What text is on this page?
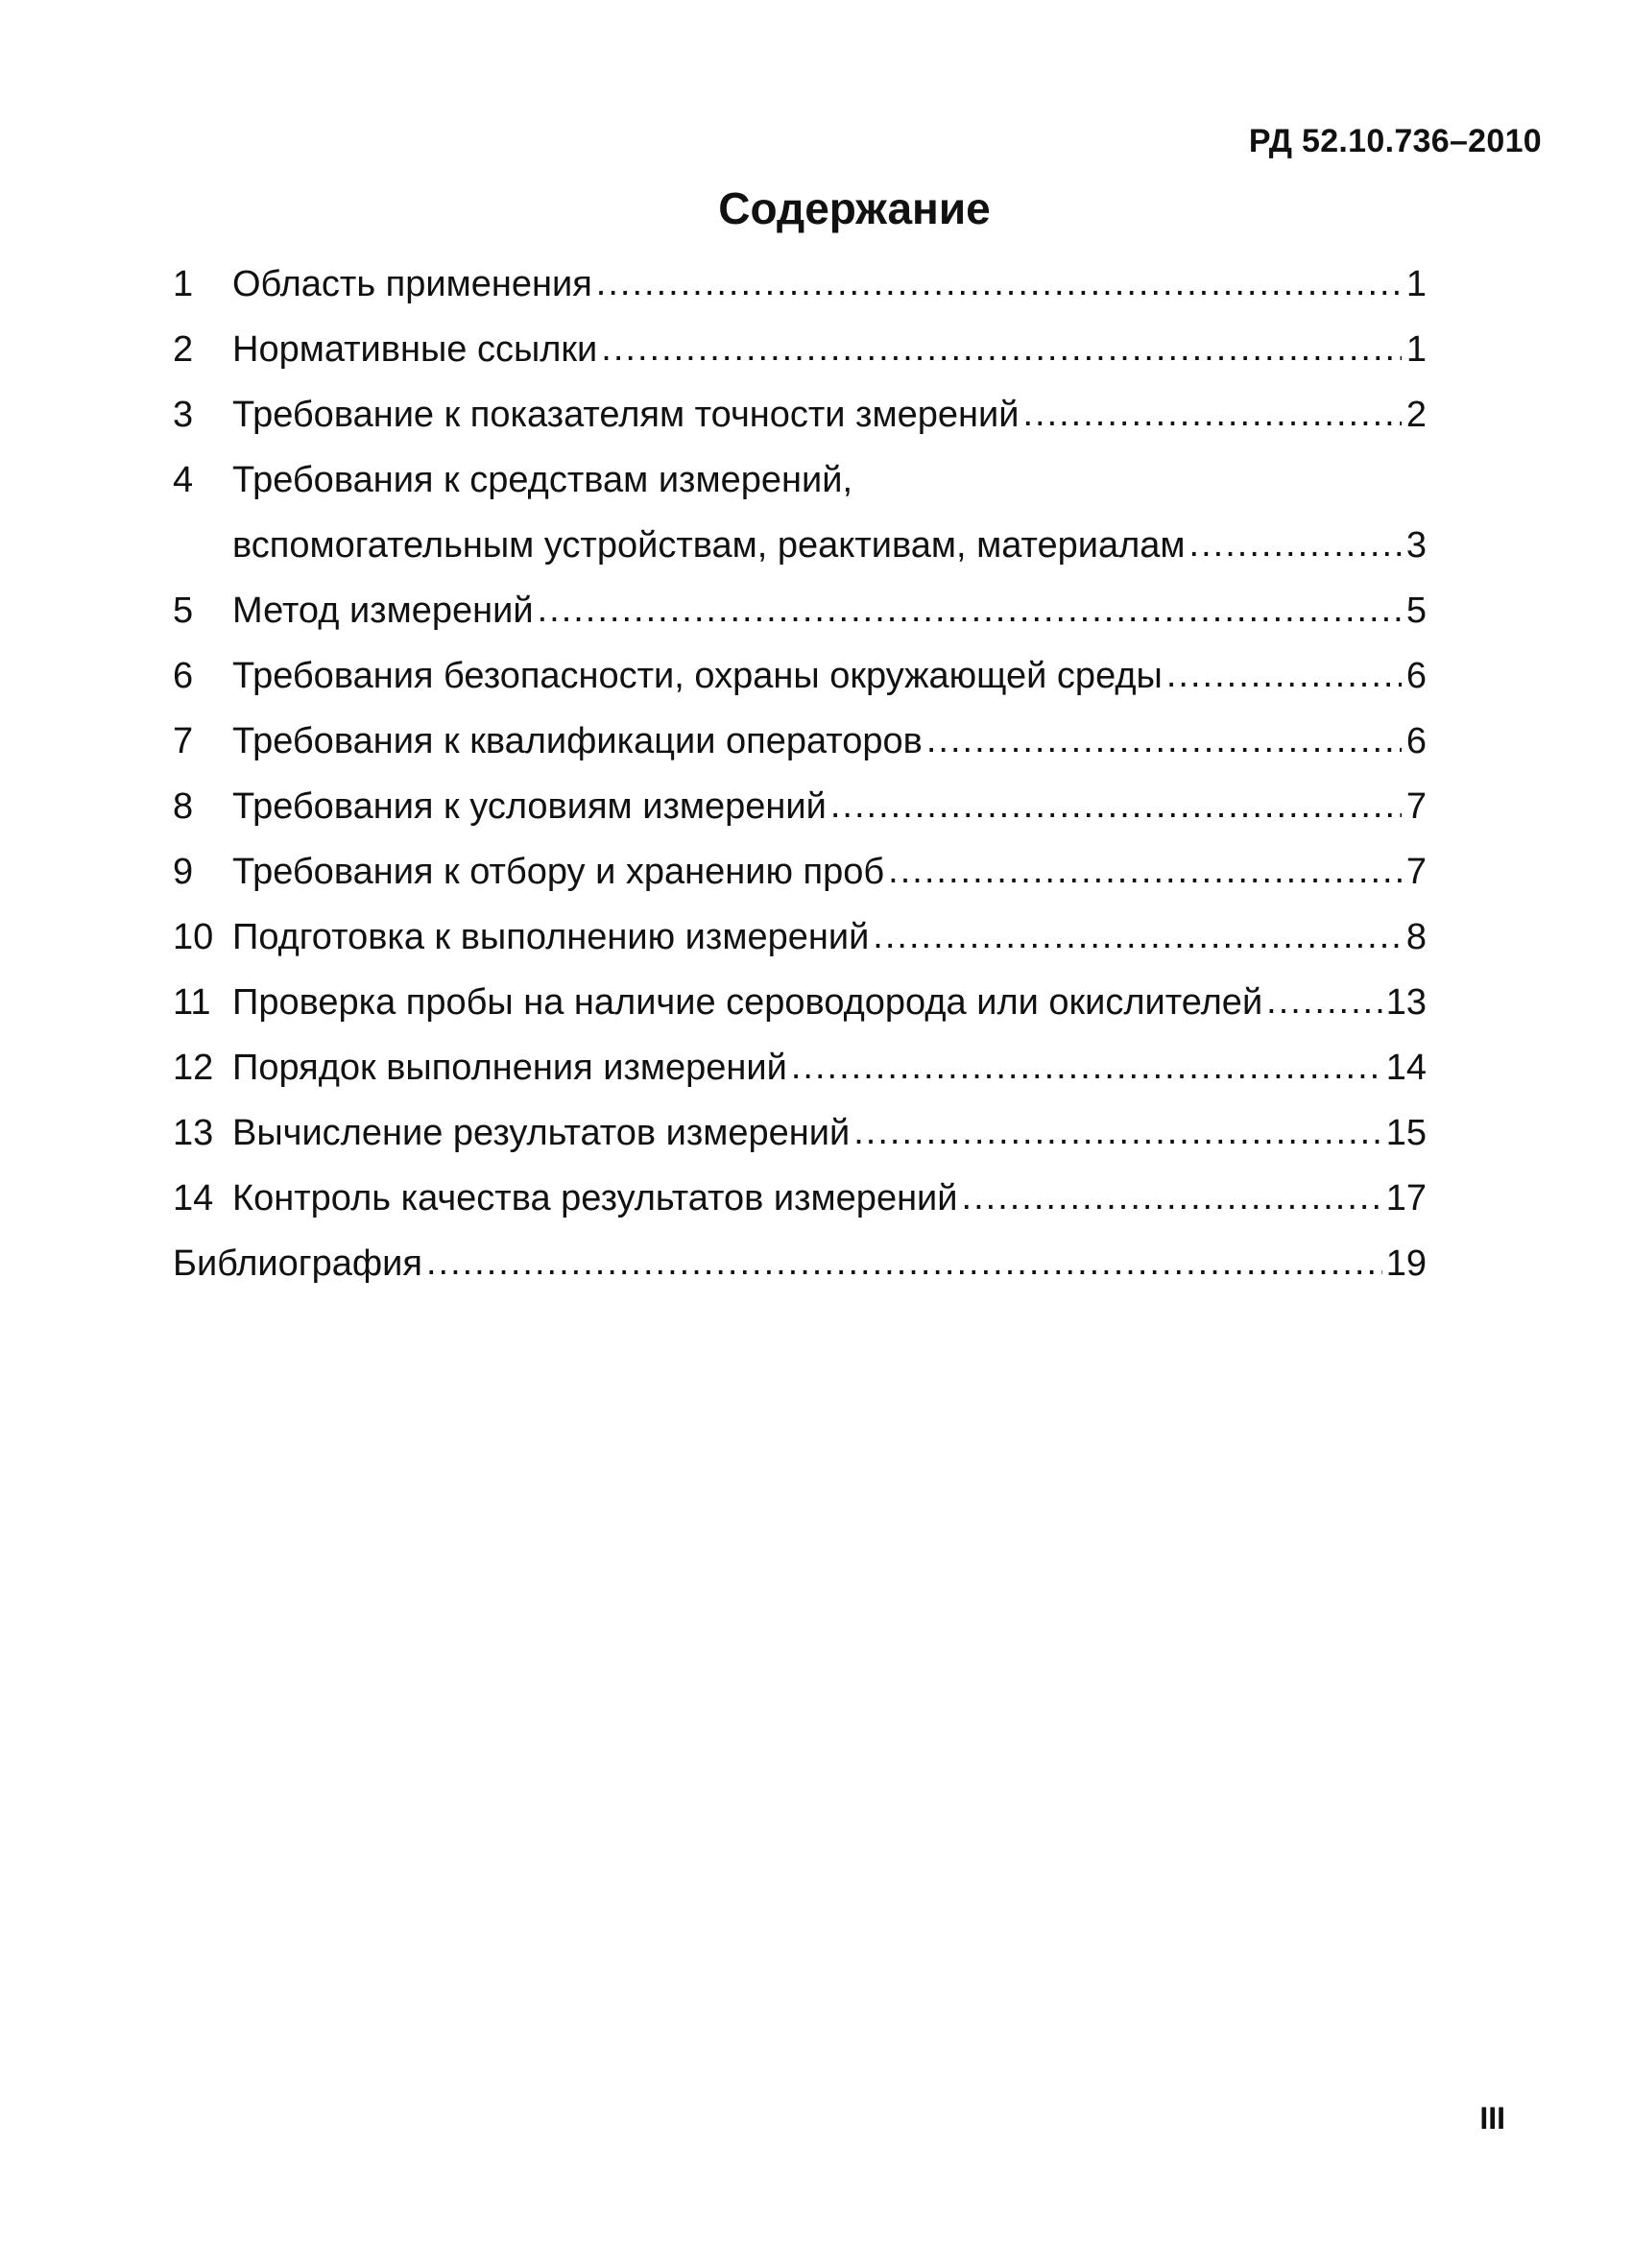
РД 52.10.736–2010
Содержание
1	Область применения .....	1
2	Нормативные ссылки .....	1
3	Требование к показателям точности змерений .....	2
4	Требования к средствам измерений,
вспомогательным устройствам, реактивам, материалам .....	3
5	Метод измерений .....	5
6	Требования безопасности, охраны окружающей среды .....	6
7	Требования к квалификации операторов .....	6
8	Требования к условиям измерений .....	7
9	Требования к отбору и хранению проб .....	7
10 Подготовка к выполнению измерений .....	8
11 Проверка пробы на наличие сероводорода или окислителей .....	13
12 Порядок выполнения измерений .....	14
13 Вычисление результатов измерений .....	15
14 Контроль качества результатов измерений .....	17
Библиография .....	19
III
